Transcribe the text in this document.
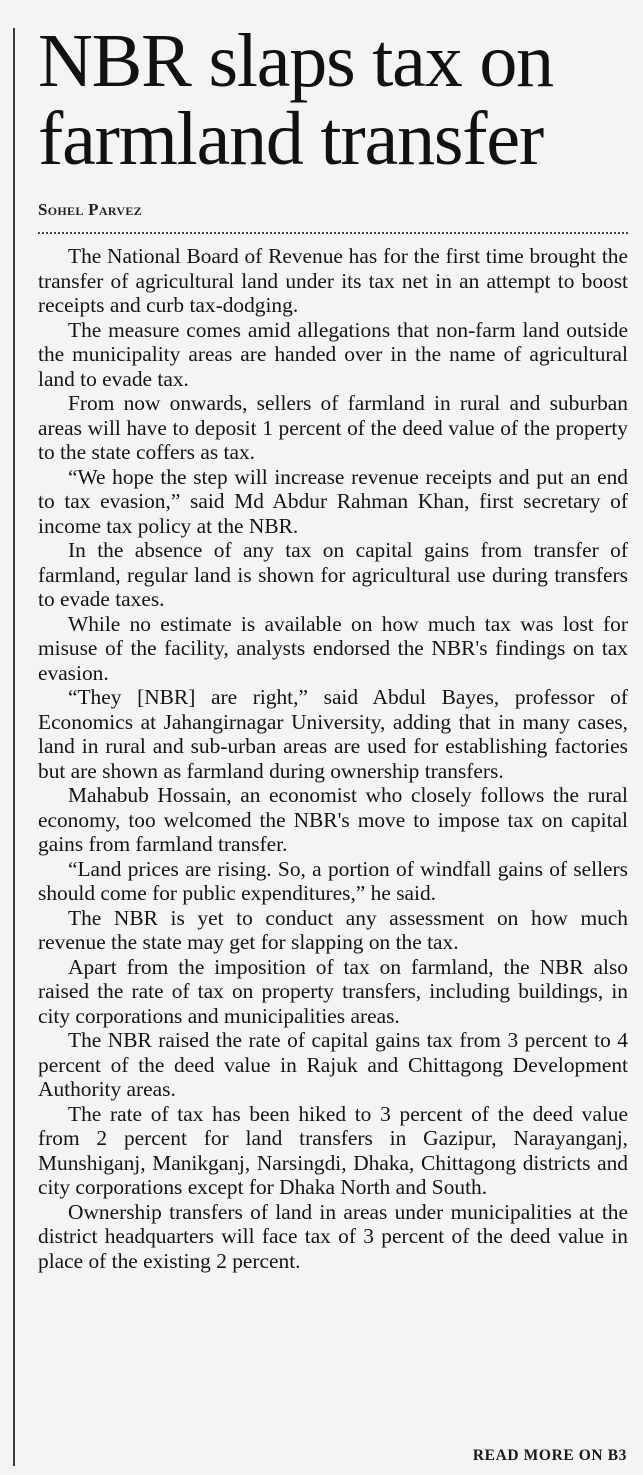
NBR slaps tax on
farmland transfer
Sohel Parvez

The National Board of Revenue has for the first time brought the transfer of agricultural land under its tax net in an attempt to boost receipts and curb tax-dodging.

The measure comes amid allegations that non-farm land outside the municipality areas are handed over in the name of agricultural land to evade tax.

From now onwards, sellers of farmland in rural and suburban areas will have to deposit 1 percent of the deed value of the property to the state coffers as tax.

“We hope the step will increase revenue receipts and put an end to tax evasion,” said Md Abdur Rahman Khan, first secretary of income tax policy at the NBR.

In the absence of any tax on capital gains from transfer of farmland, regular land is shown for agricultural use during transfers to evade taxes.

While no estimate is available on how much tax was lost for misuse of the facility, analysts endorsed the NBR's findings on tax evasion.

“They [NBR] are right,” said Abdul Bayes, professor of Economics at Jahangirnagar University, adding that in many cases, land in rural and sub-urban areas are used for establishing factories but are shown as farmland during ownership transfers.

Mahabub Hossain, an economist who closely follows the rural economy, too welcomed the NBR's move to impose tax on capital gains from farmland transfer.

“Land prices are rising. So, a portion of windfall gains of sellers should come for public expenditures,” he said.

The NBR is yet to conduct any assessment on how much revenue the state may get for slapping on the tax.

Apart from the imposition of tax on farmland, the NBR also raised the rate of tax on property transfers, including buildings, in city corporations and municipalities areas.

The NBR raised the rate of capital gains tax from 3 percent to 4 percent of the deed value in Rajuk and Chittagong Development Authority areas.

The rate of tax has been hiked to 3 percent of the deed value from 2 percent for land transfers in Gazipur, Narayanganj, Munshiganj, Manikganj, Narsingdi, Dhaka, Chittagong districts and city corporations except for Dhaka North and South.

Ownership transfers of land in areas under municipalities at the district headquarters will face tax of 3 percent of the deed value in place of the existing 2 percent.

READ MORE ON B3
